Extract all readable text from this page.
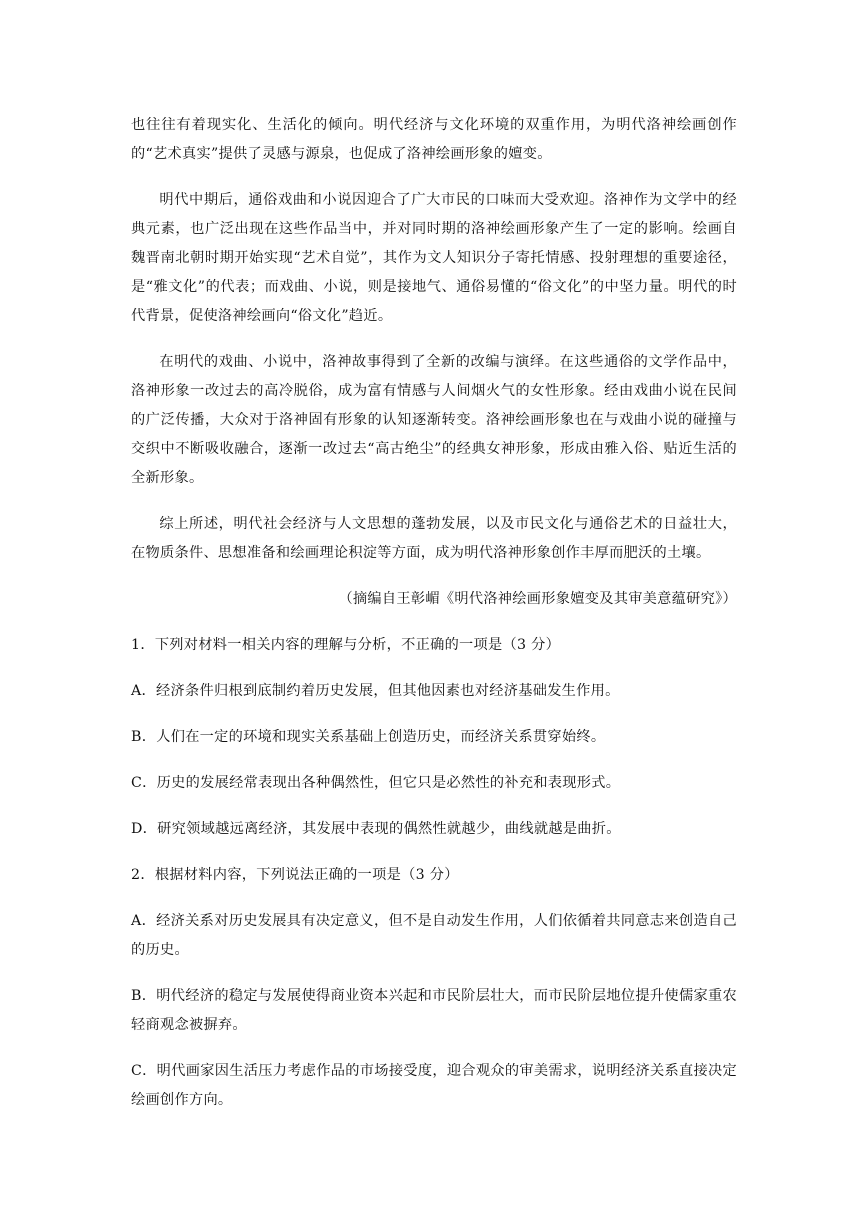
也往往有着现实化、生活化的倾向。明代经济与文化环境的双重作用，为明代洛神绘画创作的“艺术真实”提供了灵感与源泉，也促成了洛神绘画形象的嬗变。

明代中期后，通俗戏曲和小说因迎合了广大市民的口味而大受欢迎。洛神作为文学中的经典元素，也广泛出现在这些作品当中，并对同时期的洛神绘画形象产生了一定的影响。绘画自魏晋南北朝时期开始实现“艺术自觉”，其作为文人知识分子寄托情感、投射理想的重要途径，是“雅文化”的代表；而戏曲、小说，则是接地气、通俗易懂的“俗文化”的中坚力量。明代的时代背景，促使洛神绘画向“俗文化”趋近。

在明代的戏曲、小说中，洛神故事得到了全新的改编与演绎。在这些通俗的文学作品中，洛神形象一改过去的高冷脱俗，成为富有情感与人间烟火气的女性形象。经由戏曲小说在民间的广泛传播，大众对于洛神固有形象的认知逐渐转变。洛神绘画形象也在与戏曲小说的碰撞与交织中不断吸收融合，逐渐一改过去“高古绝尘”的经典女神形象，形成由雅入俗、贴近生活的全新形象。

综上所述，明代社会经济与人文思想的蓬勃发展，以及市民文化与通俗艺术的日益壮大，在物质条件、思想准备和绘画理论积淀等方面，成为明代洛神形象创作丰厚而肥沃的土壤。

（摘编自王彰嵋《明代洛神绘画形象嬗变及其审美意蕴研究》）

1．下列对材料一相关内容的理解与分析，不正确的一项是（3 分）

A．经济条件归根到底制约着历史发展，但其他因素也对经济基础发生作用。

B．人们在一定的环境和现实关系基础上创造历史，而经济关系贯穿始终。

C．历史的发展经常表现出各种偶然性，但它只是必然性的补充和表现形式。

D．研究领域越远离经济，其发展中表现的偶然性就越少，曲线就越是曲折。

2．根据材料内容，下列说法正确的一项是（3 分）

A．经济关系对历史发展具有决定意义，但不是自动发生作用，人们依循着共同意志来创造自己的历史。

B．明代经济的稳定与发展使得商业资本兴起和市民阶层壮大，而市民阶层地位提升使儒家重农轻商观念被摒弃。

C．明代画家因生活压力考虑作品的市场接受度，迎合观众的审美需求，说明经济关系直接决定绘画创作方向。
